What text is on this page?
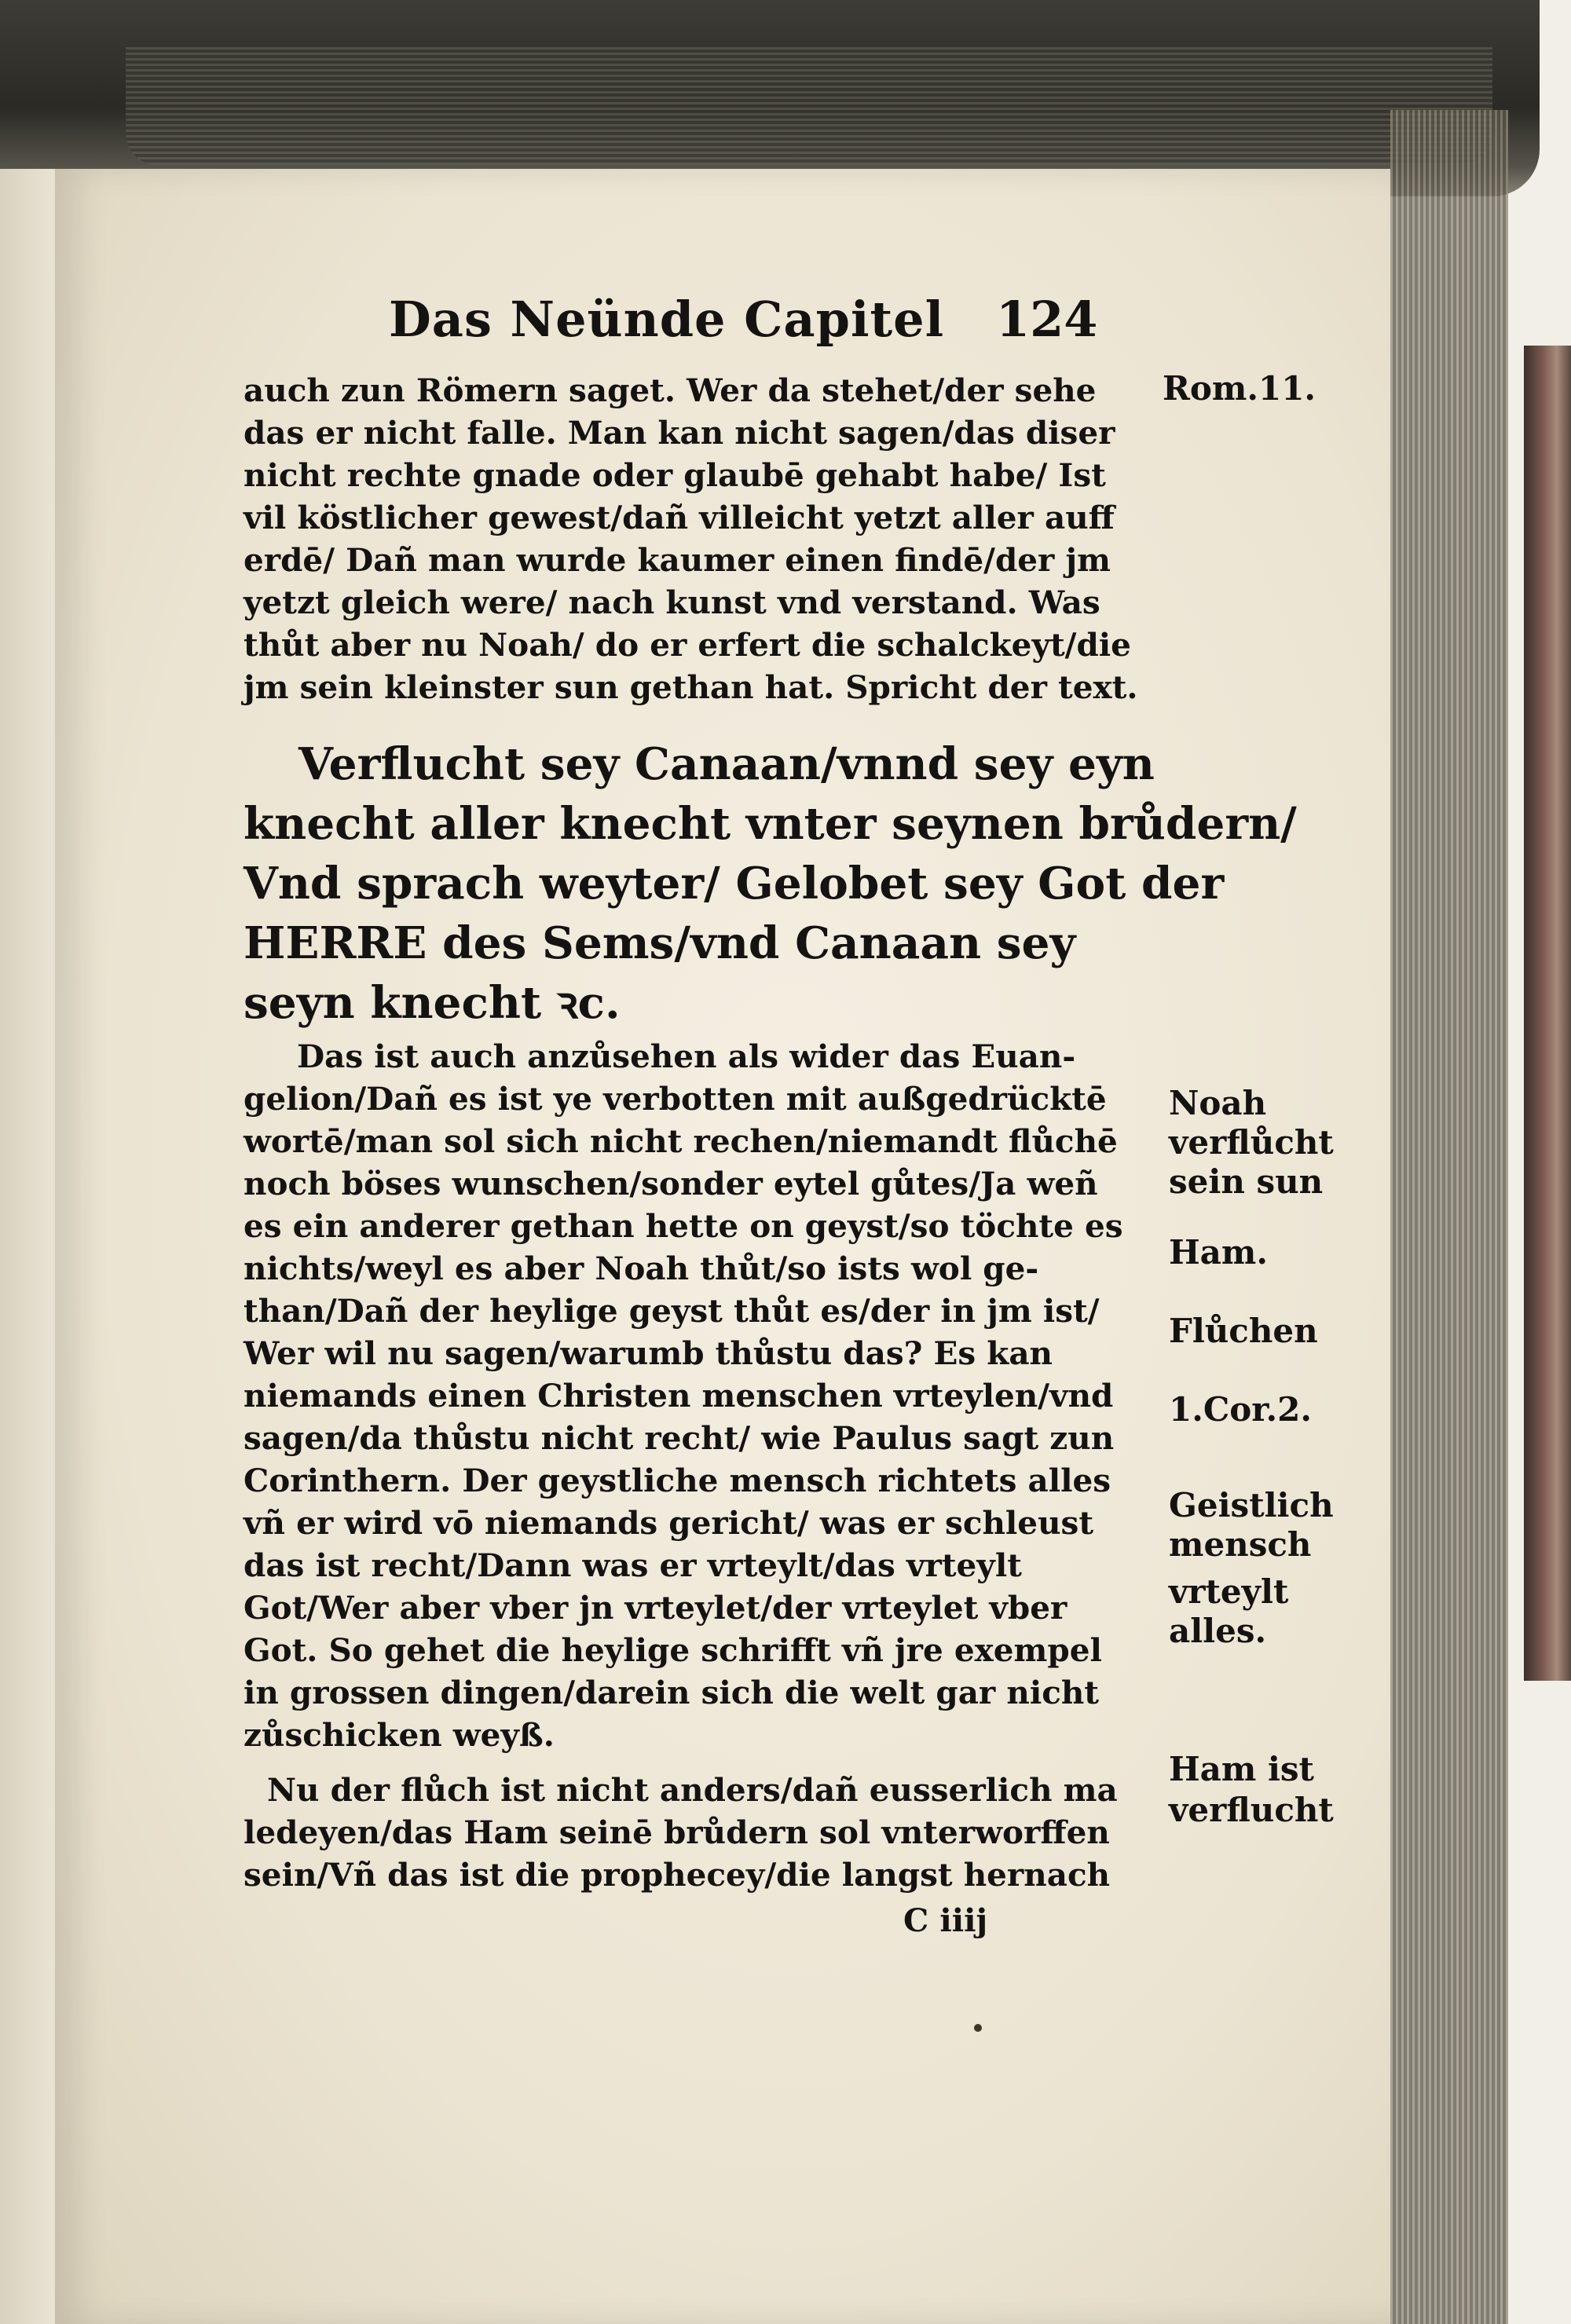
Das Neünde Capitel 124
auch zun Römern saget. Wer da stehet/der sehe
das er nicht falle. Man kan nicht sagen/das diser
nicht rechte gnade oder glaubē gehabt habe/ Ist
vil köstlicher gewest/dañ villeicht yetzt aller auff
erdē/ Dañ man wurde kaumer einen findē/der jm
yetzt gleich were/ nach kunst vnd verstand. Was
thůt aber nu Noah/ do er erfert die schalckeyt/die
jm sein kleinster sun gethan hat. Spricht der text.
Verflucht sey Canaan/vnnd sey eyn
knecht aller knecht vnter seynen brůdern/
Vnd sprach weyter/ Gelobet sey Got der
HERRE des Sems/vnd Canaan sey
seyn knecht ꝛc.
Das ist auch anzůsehen als wider das Euan-
gelion/Dañ es ist ye verbotten mit außgedrücktē
wortē/man sol sich nicht rechen/niemandt flůchē
noch böses wunschen/sonder eytel gůtes/Ja weñ
es ein anderer gethan hette on geyst/so töchte es
nichts/weyl es aber Noah thůt/so ists wol ge-
than/Dañ der heylige geyst thůt es/der in jm ist/
Wer wil nu sagen/warumb thůstu das? Es kan
niemands einen Christen menschen vrteylen/vnd
sagen/da thůstu nicht recht/ wie Paulus sagt zun
Corinthern. Der geystliche mensch richtets alles
vñ er wird vō niemands gericht/ was er schleust
das ist recht/Dann was er vrteylt/das vrteylt
Got/Wer aber vber jn vrteylet/der vrteylet vber
Got. So gehet die heylige schrifft vñ jre exempel
in grossen dingen/darein sich die welt gar nicht
zůschicken weyß.
Nu der flůch ist nicht anders/dañ eusserlich ma
ledeyen/das Ham seinē brůdern sol vnterworffen
sein/Vñ das ist die prophecey/die langst hernach
C iiij
Rom.11.
Noah
verflůcht
sein sun
Ham.
Flůchen
1.Cor.2.
Geistlich
mensch
vrteylt
alles.
Ham ist
verflucht
